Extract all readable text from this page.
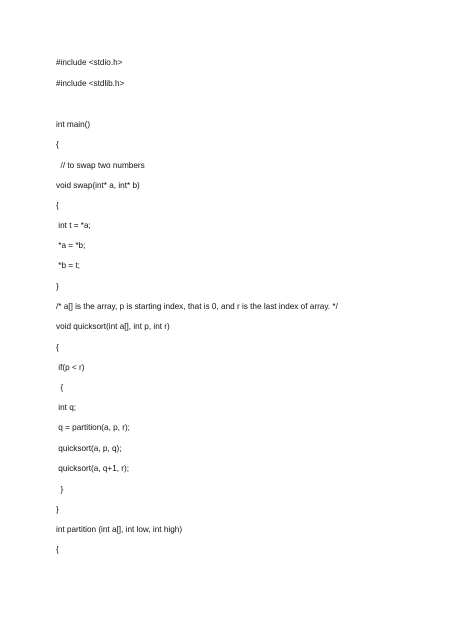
#include <stdio.h>
#include <stdlib.h>
int main()
{
// to swap two numbers
void swap(int* a, int* b)
{
int t = *a;
*a = *b;
*b = t;
}
/* a[] is the array, p is starting index, that is 0, and r is the last index of array. */
void quicksort(int a[], int p, int r)
{
if(p < r)
{
int q;
q = partition(a, p, r);
quicksort(a, p, q);
quicksort(a, q+1, r);
}
}
int partition (int a[], int low, int high)
{
